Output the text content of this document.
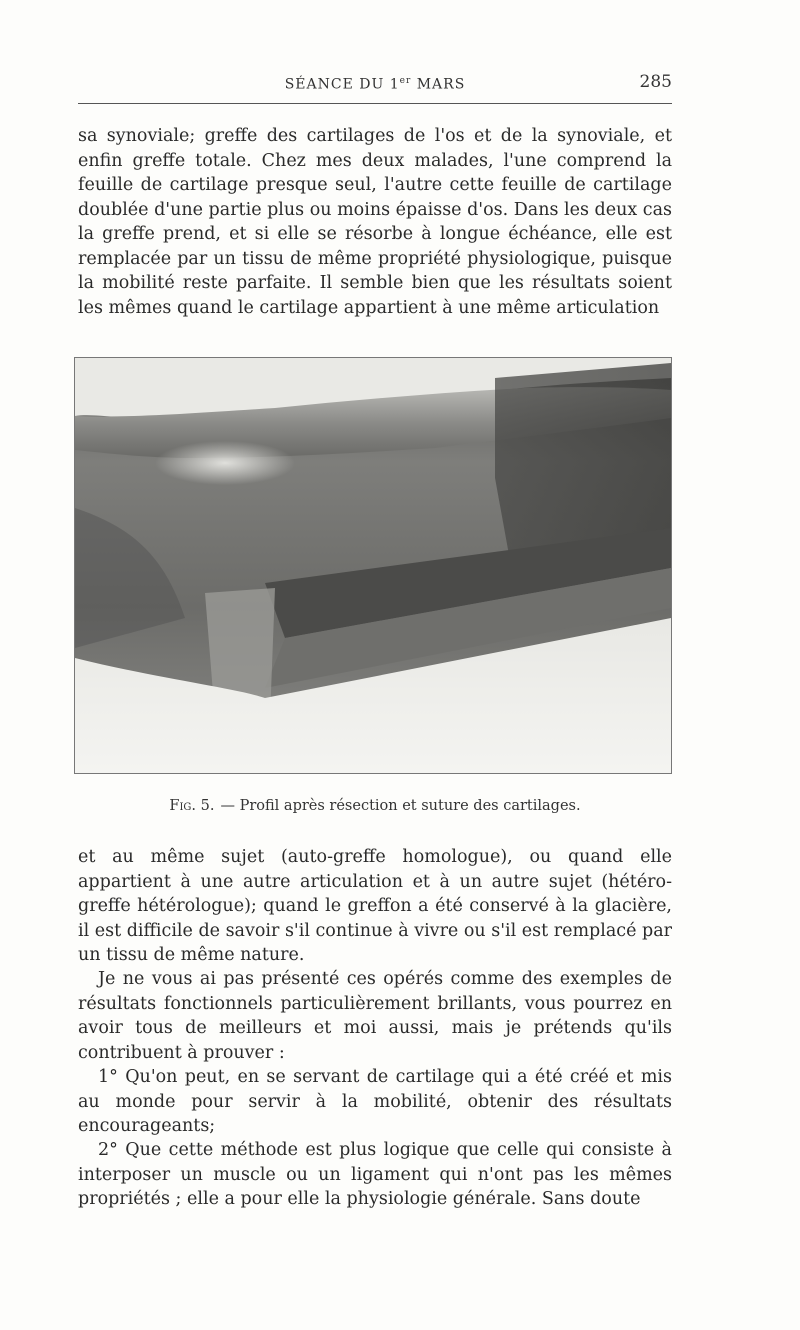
SÉANCE DU 1er MARS	285
sa synoviale; greffe des cartilages de l'os et de la synoviale, et enfin greffe totale. Chez mes deux malades, l'une comprend la feuille de cartilage presque seul, l'autre cette feuille de cartilage doublée d'une partie plus ou moins épaisse d'os. Dans les deux cas la greffe prend, et si elle se résorbe à longue échéance, elle est remplacée par un tissu de même propriété physiologique, puisque la mobilité reste parfaite. Il semble bien que les résultats soient les mêmes quand le cartilage appartient à une même articulation
Fig. 5. — Profil après résection et suture des cartilages.
et au même sujet (auto-greffe homologue), ou quand elle appartient à une autre articulation et à un autre sujet (hétéro-greffe hétérologue); quand le greffon a été conservé à la glacière, il est difficile de savoir s'il continue à vivre ou s'il est remplacé par un tissu de même nature.
Je ne vous ai pas présenté ces opérés comme des exemples de résultats fonctionnels particulièrement brillants, vous pourrez en avoir tous de meilleurs et moi aussi, mais je prétends qu'ils contribuent à prouver :
1° Qu'on peut, en se servant de cartilage qui a été créé et mis au monde pour servir à la mobilité, obtenir des résultats encourageants;
2° Que cette méthode est plus logique que celle qui consiste à interposer un muscle ou un ligament qui n'ont pas les mêmes propriétés ; elle a pour elle la physiologie générale. Sans doute
